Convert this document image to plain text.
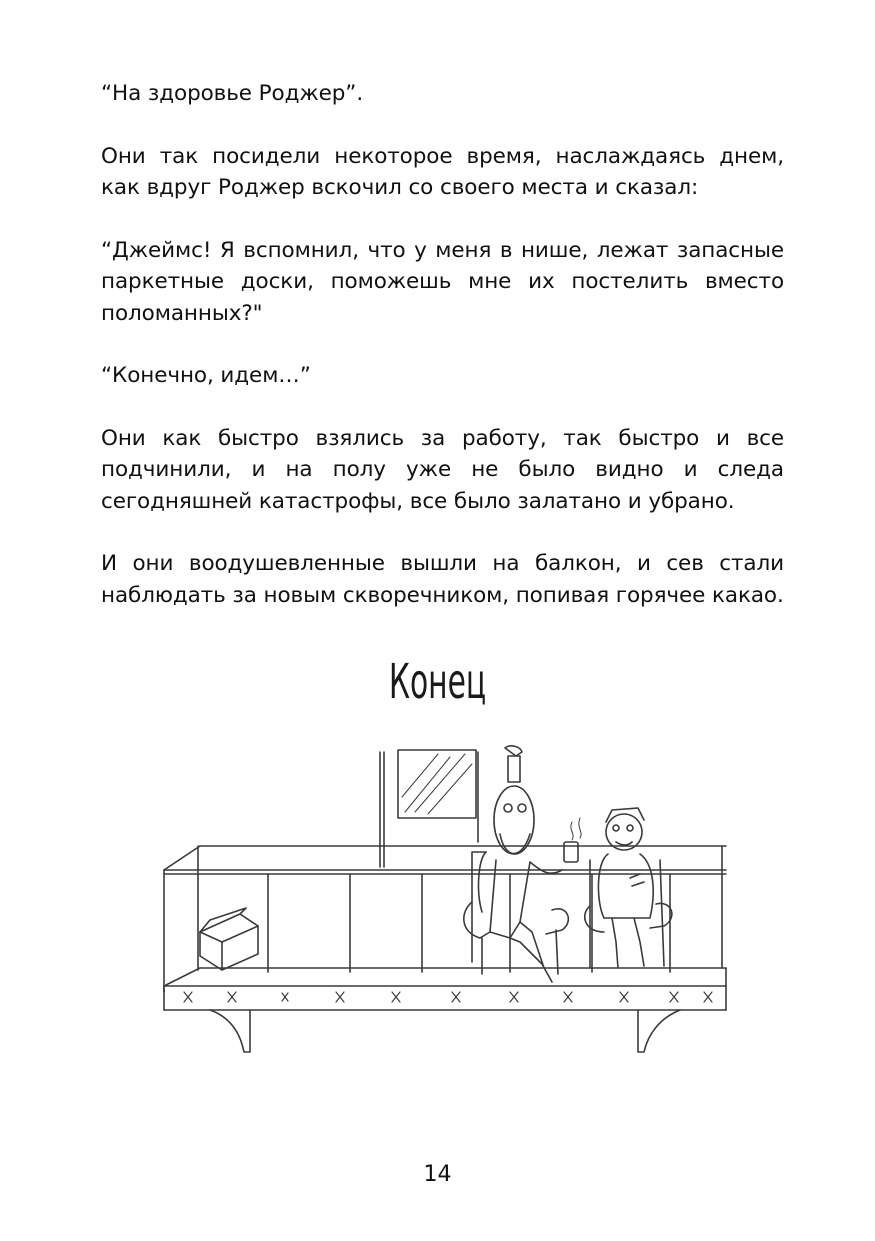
“На здоровье Роджер”.

Они так посидели некоторое время, наслаждаясь днем, как вдруг Роджер вскочил со своего места и сказал:

“Джеймс! Я вспомнил, что у меня в нише, лежат запасные паркетные доски, поможешь мне их постелить вместо поломанных?"

“Конечно, идем…”

Они как быстро взялись за работу, так быстро и все подчинили, и на полу уже не было видно и следа сегодняшней катастрофы, все было залатано и убрано.

И они воодушевленные вышли на балкон, и сев стали наблюдать за новым скворечником, попивая горячее какао.

Конец
14
